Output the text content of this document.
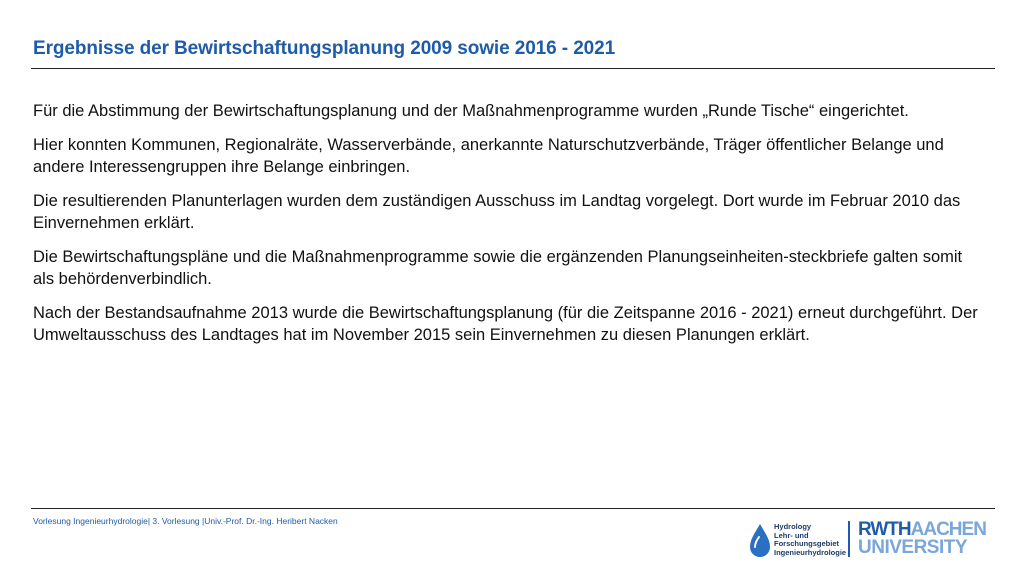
Ergebnisse der Bewirtschaftungsplanung 2009 sowie 2016 - 2021

Für die Abstimmung der Bewirtschaftungsplanung und der Maßnahmenprogramme wurden „Runde Tische“ eingerichtet.

Hier konnten Kommunen, Regionalräte, Wasserverbände, anerkannte Naturschutzverbände, Träger öffentlicher Belange und andere Interessengruppen ihre Belange einbringen.

Die resultierenden Planunterlagen wurden dem zuständigen Ausschuss im Landtag vorgelegt. Dort wurde im Februar 2010 das Einvernehmen erklärt.

Die Bewirtschaftungspläne und die Maßnahmenprogramme sowie die ergänzenden Planungseinheiten-steckbriefe galten somit als behördenverbindlich.

Nach der Bestandsaufnahme 2013 wurde die Bewirtschaftungsplanung (für die Zeitspanne 2016 - 2021) erneut durchgeführt. Der Umweltausschuss des Landtages hat im November 2015 sein Einvernehmen zu diesen Planungen erklärt.

Vorlesung Ingenieurhydrologie| 3. Vorlesung |Univ.-Prof. Dr.-Ing. Heribert Nacken
Hydrology
Lehr- und
Forschungsgebiet
Ingenieurhydrologie
RWTHAACHEN
UNIVERSITY
